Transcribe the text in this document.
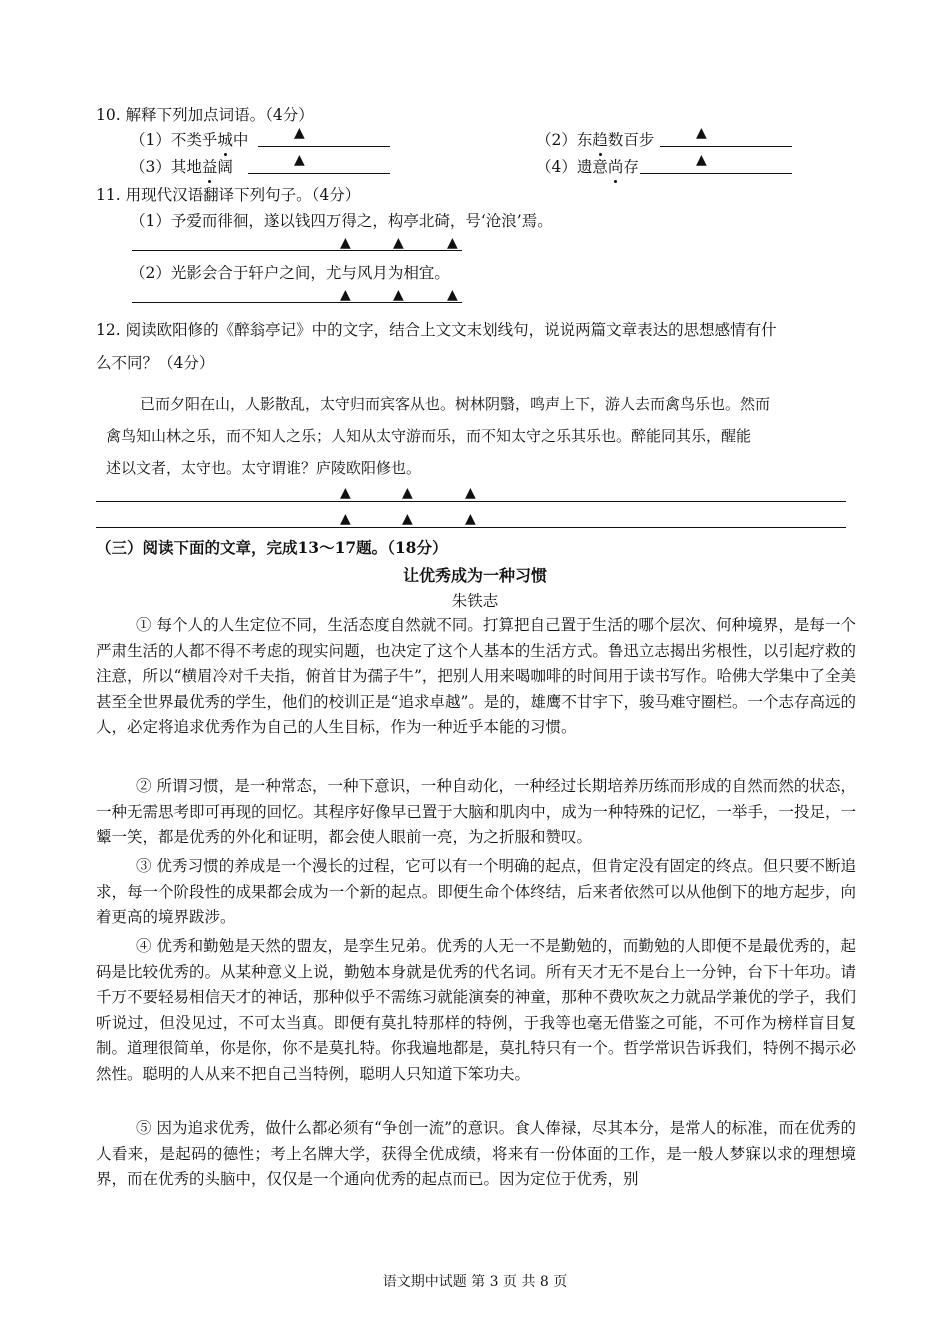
10. 解释下列加点词语。（4分）
（1）不类乎城中	▲	（2）东趋数百步	▲
（3）其地益阔	▲	（4）遗意尚存	▲
11. 用现代汉语翻译下列句子。（4分）
（1）予爱而徘徊，遂以钱四万得之，构亭北碕，号‘沧浪’焉。
▲	▲	▲
（2）光影会合于轩户之间，尤与风月为相宜。
▲	▲	▲
12. 阅读欧阳修的《醉翁亭记》中的文字，结合上文文末划线句，说说两篇文章表达的思想感情有什
么不同？（4分）
已而夕阳在山，人影散乱，太守归而宾客从也。树林阴翳，鸣声上下，游人去而禽鸟乐也。然而
禽鸟知山林之乐，而不知人之乐；人知从太守游而乐，而不知太守之乐其乐也。醉能同其乐，醒能
述以文者，太守也。太守谓谁？庐陵欧阳修也。
▲	▲	▲
▲	▲	▲
（三）阅读下面的文章，完成13～17题。（18分）
让优秀成为一种习惯
朱铁志
① 每个人的人生定位不同，生活态度自然就不同。打算把自己置于生活的哪个层次、何种境界，是每一个严肃生活的人都不得不考虑的现实问题，也决定了这个人基本的生活方式。鲁迅立志揭出劣根性，以引起疗救的注意，所以“横眉冷对千夫指，俯首甘为孺子牛”，把别人用来喝咖啡的时间用于读书写作。哈佛大学集中了全美甚至全世界最优秀的学生，他们的校训正是“追求卓越”。是的，雄鹰不甘宇下，骏马难守圈栏。一个志存高远的人，必定将追求优秀作为自己的人生目标，作为一种近乎本能的习惯。
② 所谓习惯，是一种常态，一种下意识，一种自动化，一种经过长期培养历练而形成的自然而然的状态，一种无需思考即可再现的回忆。其程序好像早已置于大脑和肌肉中，成为一种特殊的记忆，一举手，一投足，一颦一笑，都是优秀的外化和证明，都会使人眼前一亮，为之折服和赞叹。
③ 优秀习惯的养成是一个漫长的过程，它可以有一个明确的起点，但肯定没有固定的终点。但只要不断追求，每一个阶段性的成果都会成为一个新的起点。即便生命个体终结，后来者依然可以从他倒下的地方起步，向着更高的境界跋涉。
④ 优秀和勤勉是天然的盟友，是孪生兄弟。优秀的人无一不是勤勉的，而勤勉的人即便不是最优秀的，起码是比较优秀的。从某种意义上说，勤勉本身就是优秀的代名词。所有天才无不是台上一分钟，台下十年功。请千万不要轻易相信天才的神话，那种似乎不需练习就能演奏的神童，那种不费吹灰之力就品学兼优的学子，我们听说过，但没见过，不可太当真。即便有莫扎特那样的特例，于我等也毫无借鉴之可能，不可作为榜样盲目复制。道理很简单，你是你，你不是莫扎特。你我遍地都是，莫扎特只有一个。哲学常识告诉我们，特例不揭示必然性。聪明的人从来不把自己当特例，聪明人只知道下笨功夫。
⑤ 因为追求优秀，做什么都必须有“争创一流”的意识。食人俸禄，尽其本分，是常人的标准，而在优秀的人看来，是起码的德性；考上名牌大学，获得全优成绩，将来有一份体面的工作，是一般人梦寐以求的理想境界，而在优秀的头脑中，仅仅是一个通向优秀的起点而已。因为定位于优秀，别
语文期中试题 第 3 页 共 8 页
